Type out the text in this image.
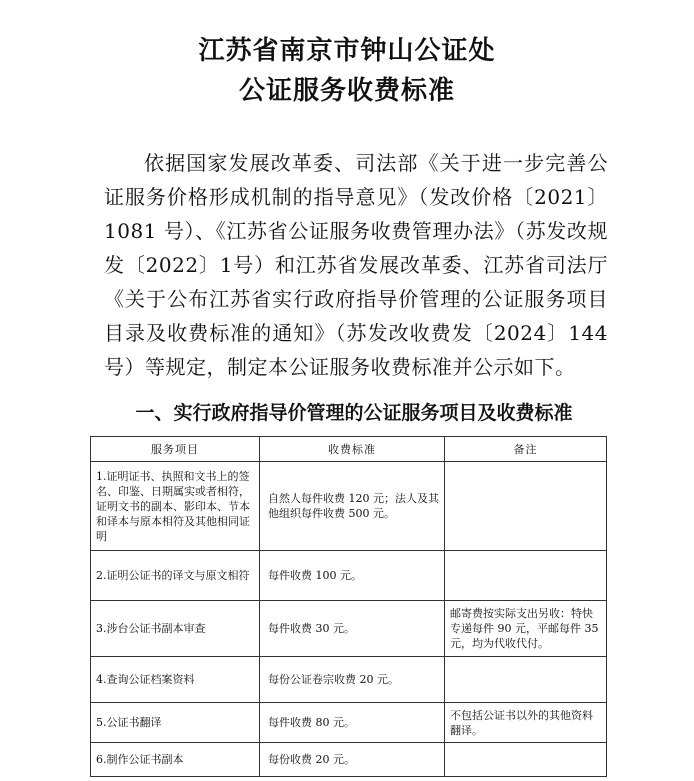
江苏省南京市钟山公证处
公证服务收费标准

依据国家发展改革委、司法部《关于进一步完善公证服务价格形成机制的指导意见》（发改价格〔2021〕1081 号）、《江苏省公证服务收费管理办法》（苏发改规发〔2022〕1号）和江苏省发展改革委、江苏省司法厅《关于公布江苏省实行政府指导价管理的公证服务项目目录及收费标准的通知》（苏发改收费发〔2024〕144 号）等规定，制定本公证服务收费标准并公示如下。

一、实行政府指导价管理的公证服务项目及收费标准
服务项目	收费标准	备注
1.证明证书、执照和文书上的签名、印鉴、日期属实或者相符，证明文书的副本、影印本、节本和译本与原本相符及其他相同证明	自然人每件收费 120 元；法人及其他组织每件收费 500 元。	
2.证明公证书的译文与原文相符	每件收费 100 元。	
3.涉台公证书副本审查	每件收费 30 元。	邮寄费按实际支出另收：特快专递每件 90 元，平邮每件 35 元，均为代收代付。
4.查询公证档案资料	每份公证卷宗收费 20 元。	
5.公证书翻译	每件收费 80 元。	不包括公证书以外的其他资料翻译。
6.制作公证书副本	每份收费 20 元。	
